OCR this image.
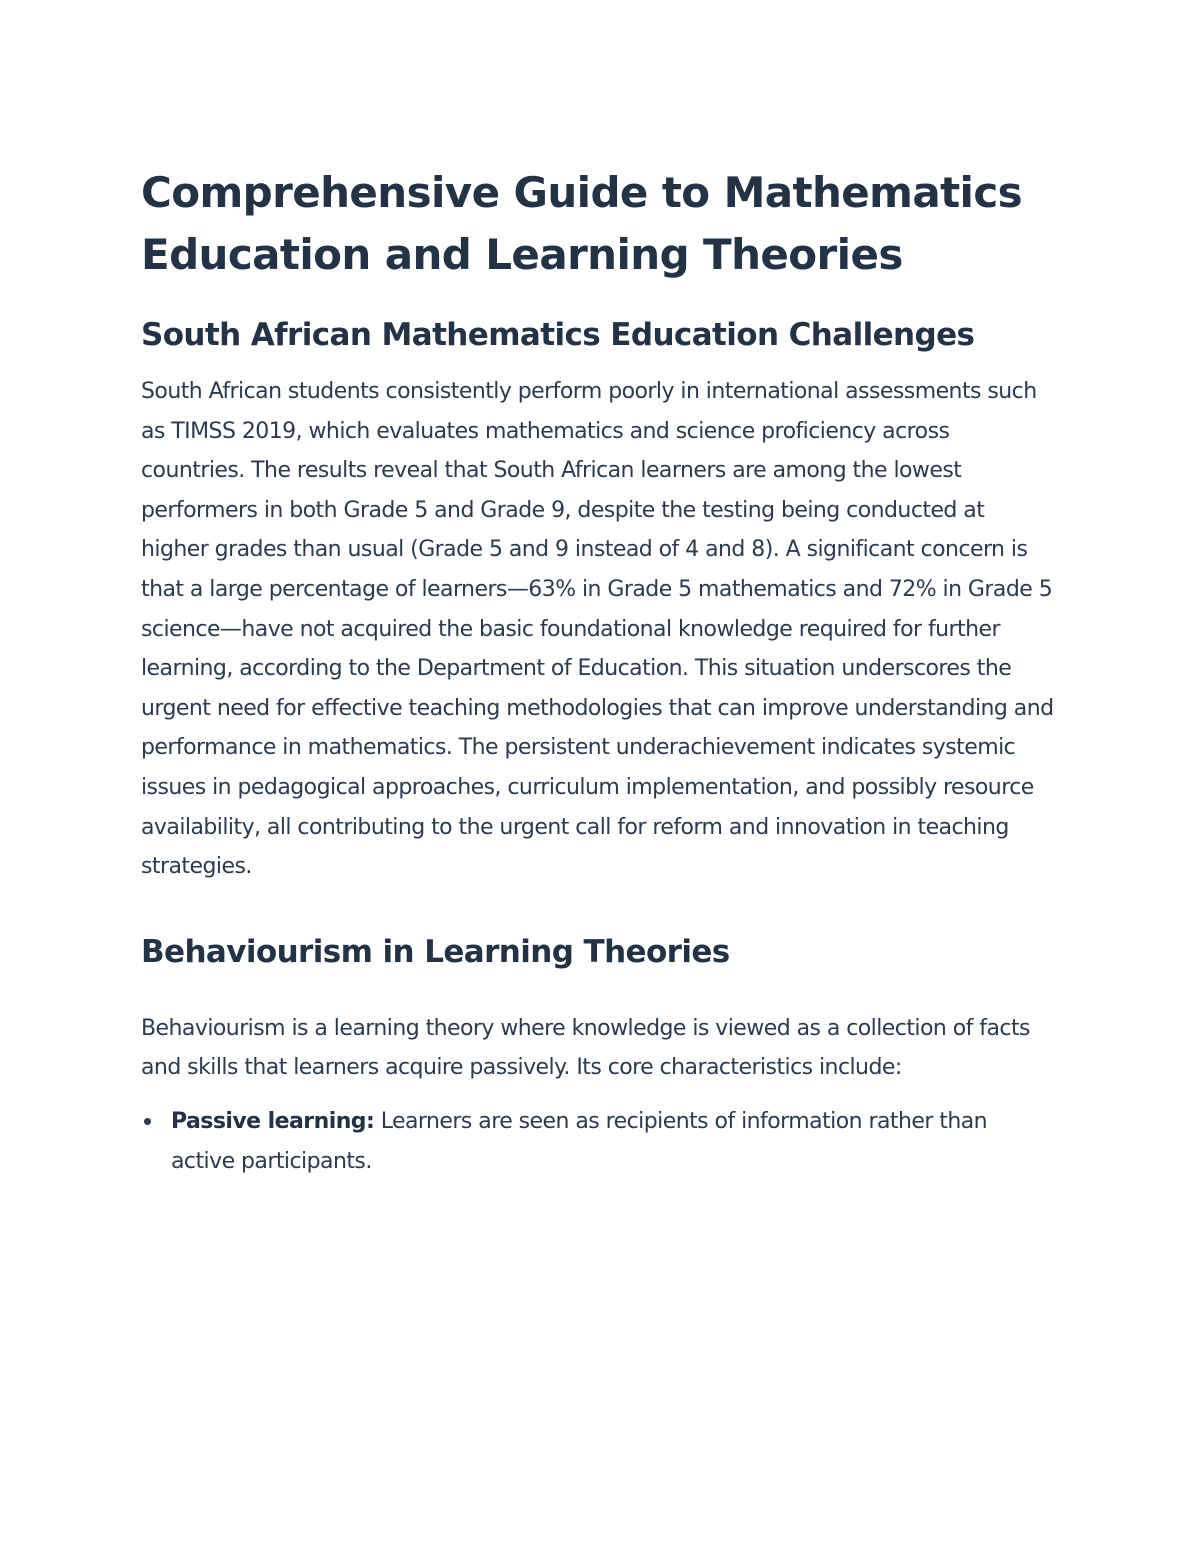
Comprehensive Guide to Mathematics Education and Learning Theories
South African Mathematics Education Challenges

South African students consistently perform poorly in international assessments such as TIMSS 2019, which evaluates mathematics and science proficiency across countries. The results reveal that South African learners are among the lowest performers in both Grade 5 and Grade 9, despite the testing being conducted at higher grades than usual (Grade 5 and 9 instead of 4 and 8). A significant concern is that a large percentage of learners—63% in Grade 5 mathematics and 72% in Grade 5 science—have not acquired the basic foundational knowledge required for further learning, according to the Department of Education. This situation underscores the urgent need for effective teaching methodologies that can improve understanding and performance in mathematics. The persistent underachievement indicates systemic issues in pedagogical approaches, curriculum implementation, and possibly resource availability, all contributing to the urgent call for reform and innovation in teaching strategies.

Behaviourism in Learning Theories

Behaviourism is a learning theory where knowledge is viewed as a collection of facts and skills that learners acquire passively. Its core characteristics include:

Passive learning: Learners are seen as recipients of information rather than active participants.
